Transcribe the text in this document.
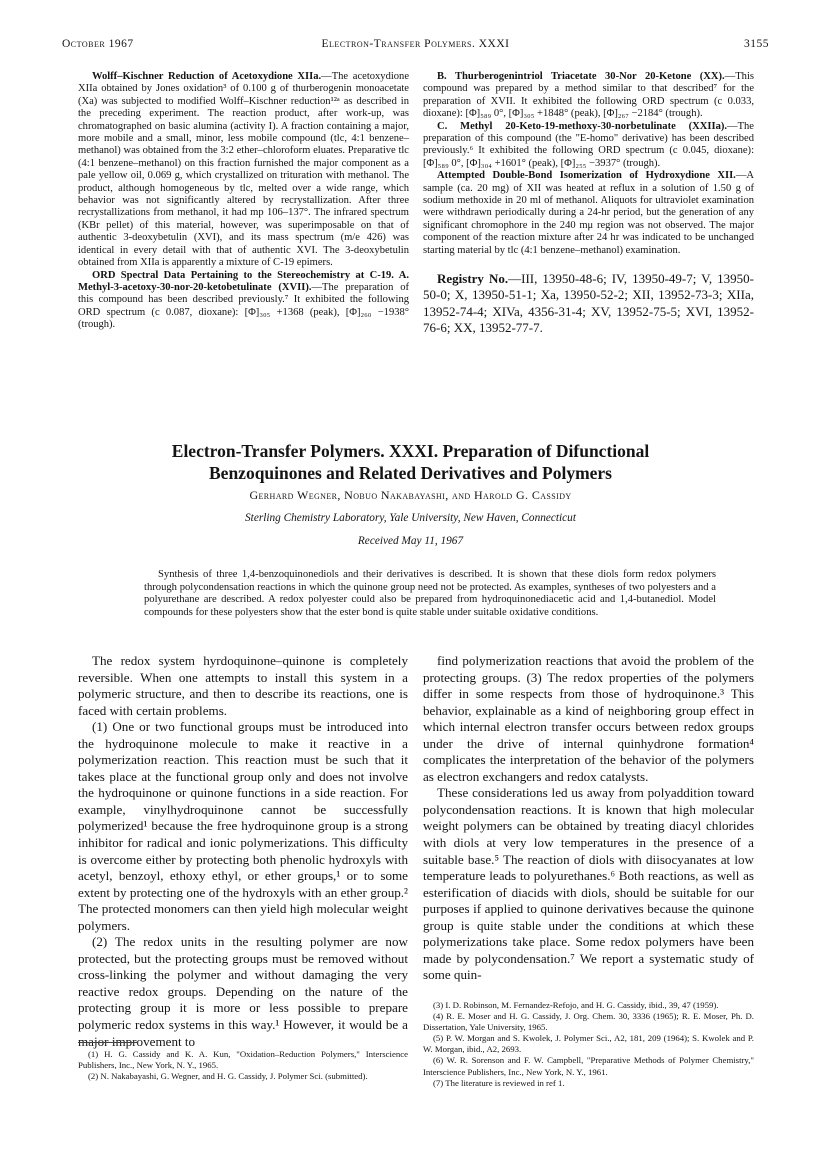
October 1967	Electron-Transfer Polymers. XXXI	3155

Wolff–Kischner Reduction of Acetoxydione XIIa.—The acetoxydione XIIa obtained by Jones oxidation³ of 0.100 g of thurberogenin monoacetate (Xa) was subjected to modified Wolff–Kischner reduction¹²ᵃ as described in the preceding experiment. The reaction product, after work-up, was chromatographed on basic alumina (activity I). A fraction containing a major, more mobile and a small, minor, less mobile compound (tlc, 4:1 benzene–methanol) was obtained from the 3:2 ether–chloroform eluates. Preparative tlc (4:1 benzene–methanol) on this fraction furnished the major component as a pale yellow oil, 0.069 g, which crystallized on trituration with methanol. The product, although homogeneous by tlc, melted over a wide range, which behavior was not significantly altered by recrystallization. After three recrystallizations from methanol, it had mp 106–137°. The infrared spectrum (KBr pellet) of this material, however, was superimposable on that of authentic 3-deoxybetulin (XVI), and its mass spectrum (m/e 426) was identical in every detail with that of authentic XVI. The 3-deoxybetulin obtained from XIIa is apparently a mixture of C-19 epimers.

ORD Spectral Data Pertaining to the Stereochemistry at C-19. A. Methyl-3-acetoxy-30-nor-20-ketobetulinate (XVII).—The preparation of this compound has been described previously.⁷ It exhibited the following ORD spectrum (c 0.087, dioxane): [Φ]₃₀₅ +1368 (peak), [Φ]₂₆₀ −1938° (trough).

B. Thurberogenintriol Triacetate 30-Nor 20-Ketone (XX).—This compound was prepared by a method similar to that described⁷ for the preparation of XVII. It exhibited the following ORD spectrum (c 0.033, dioxane): [Φ]₅₈₉ 0°, [Φ]₃₀₅ +1848° (peak), [Φ]₂₆₇ −2184° (trough).

C. Methyl 20-Keto-19-methoxy-30-norbetulinate (XXIIa).—The preparation of this compound (the "E-homo" derivative) has been described previously.⁶ It exhibited the following ORD spectrum (c 0.045, dioxane): [Φ]₅₈₉ 0°, [Φ]₃₀₄ +1601° (peak), [Φ]₂₅₅ −3937° (trough).

Attempted Double-Bond Isomerization of Hydroxydione XII.—A sample (ca. 20 mg) of XII was heated at reflux in a solution of 1.50 g of sodium methoxide in 20 ml of methanol. Aliquots for ultraviolet examination were withdrawn periodically during a 24-hr period, but the generation of any significant chromophore in the 240 mμ region was not observed. The major component of the reaction mixture after 24 hr was indicated to be unchanged starting material by tlc (4:1 benzene–methanol) examination.

Registry No.—III, 13950-48-6; IV, 13950-49-7; V, 13950-50-0; X, 13950-51-1; Xa, 13950-52-2; XII, 13952-73-3; XIIa, 13952-74-4; XIVa, 4356-31-4; XV, 13952-75-5; XVI, 13952-76-6; XX, 13952-77-7.

Electron-Transfer Polymers. XXXI. Preparation of Difunctional
Benzoquinones and Related Derivatives and Polymers
Gerhard Wegner, Nobuo Nakabayashi, and Harold G. Cassidy
Sterling Chemistry Laboratory, Yale University, New Haven, Connecticut
Received May 11, 1967

Synthesis of three 1,4-benzoquinonediols and their derivatives is described. It is shown that these diols form redox polymers through polycondensation reactions in which the quinone group need not be protected. As examples, syntheses of two polyesters and a polyurethane are described. A redox polyester could also be prepared from hydroquinonediacetic acid and 1,4-butanediol. Model compounds for these polyesters show that the ester bond is quite stable under suitable oxidative conditions.

The redox system hyrdoquinone–quinone is completely reversible. When one attempts to install this system in a polymeric structure, and then to describe its reactions, one is faced with certain problems.

(1) One or two functional groups must be introduced into the hydroquinone molecule to make it reactive in a polymerization reaction. This reaction must be such that it takes place at the functional group only and does not involve the hydroquinone or quinone functions in a side reaction. For example, vinylhydroquinone cannot be successfully polymerized¹ because the free hydroquinone group is a strong inhibitor for radical and ionic polymerizations. This difficulty is overcome either by protecting both phenolic hydroxyls with acetyl, benzoyl, ethoxy ethyl, or ether groups,¹ or to some extent by protecting one of the hydroxyls with an ether group.² The protected monomers can then yield high molecular weight polymers.

(2) The redox units in the resulting polymer are now protected, but the protecting groups must be removed without cross-linking the polymer and without damaging the very reactive redox groups. Depending on the nature of the protecting group it is more or less possible to prepare polymeric redox systems in this way.¹ However, it would be a major improvement to

(1) H. G. Cassidy and K. A. Kun, "Oxidation–Reduction Polymers," Interscience Publishers, Inc., New York, N. Y., 1965.

(2) N. Nakabayashi, G. Wegner, and H. G. Cassidy, J. Polymer Sci. (submitted).

find polymerization reactions that avoid the problem of the protecting groups. (3) The redox properties of the polymers differ in some respects from those of hydroquinone.³ This behavior, explainable as a kind of neighboring group effect in which internal electron transfer occurs between redox groups under the drive of internal quinhydrone formation⁴ complicates the interpretation of the behavior of the polymers as electron exchangers and redox catalysts.

These considerations led us away from polyaddition toward polycondensation reactions. It is known that high molecular weight polymers can be obtained by treating diacyl chlorides with diols at very low temperatures in the presence of a suitable base.⁵ The reaction of diols with diisocyanates at low temperature leads to polyurethanes.⁶ Both reactions, as well as esterification of diacids with diols, should be suitable for our purposes if applied to quinone derivatives because the quinone group is quite stable under the conditions at which these polymerizations take place. Some redox polymers have been made by polycondensation.⁷ We report a systematic study of some quin-

(3) I. D. Robinson, M. Fernandez-Refojo, and H. G. Cassidy, ibid., 39, 47 (1959).

(4) R. E. Moser and H. G. Cassidy, J. Org. Chem. 30, 3336 (1965); R. E. Moser, Ph. D. Dissertation, Yale University, 1965.

(5) P. W. Morgan and S. Kwolek, J. Polymer Sci., A2, 181, 209 (1964); S. Kwolek and P. W. Morgan, ibid., A2, 2693.

(6) W. R. Sorenson and F. W. Campbell, "Preparative Methods of Polymer Chemistry," Interscience Publishers, Inc., New York, N. Y., 1961.

(7) The literature is reviewed in ref 1.
